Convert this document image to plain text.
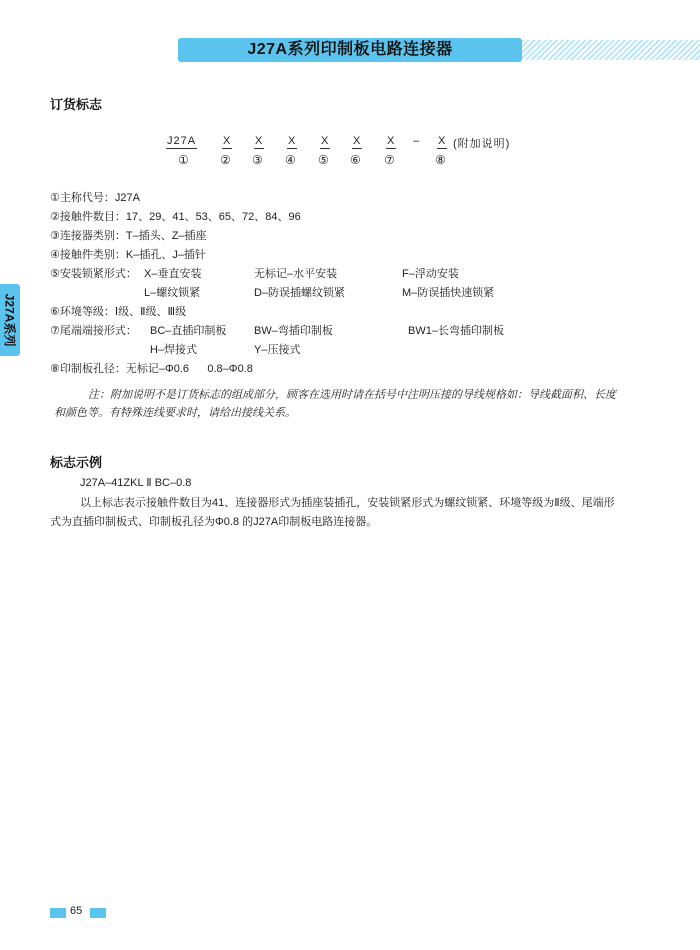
J27A系列印制板电路连接器
J27A系列
订货标志
J27A X X X X X X – X (附加说明)
①	② ③ ④ ⑤ ⑥ ⑦	⑧
①主称代号：J27A
②接触件数目：17、29、41、53、65、72、84、96
③连接器类别：T–插头、Z–插座
④接触件类别：K–插孔、J–插针
⑤安装锁紧形式： X–垂直安装	无标记–水平安装	F–浮动安装
L–螺纹锁紧	D–防误插螺纹锁紧	M–防误插快速锁紧
⑥环境等级：Ⅰ级、Ⅱ级、Ⅲ级
⑦尾端端接形式： BC–直插印制板	BW–弯插印制板	BW1–长弯插印制板
H–焊接式	Y–压接式
⑧印制板孔径：无标记–Φ0.6      0.8–Φ0.8
注：附加说明不是订货标志的组成部分，顾客在选用时请在括号中注明压接的导线规格如：导线截面积、长度
和颜色等。有特殊连线要求时，请给出接线关系。
标志示例
J27A–41ZKL Ⅱ BC–0.8
以上标志表示接触件数目为41、连接器形式为插座装插孔，安装锁紧形式为螺纹锁紧、环境等级为Ⅱ级、尾端形
式为直插印制板式、印制板孔径为Φ0.8 的J27A印制板电路连接器。
65
